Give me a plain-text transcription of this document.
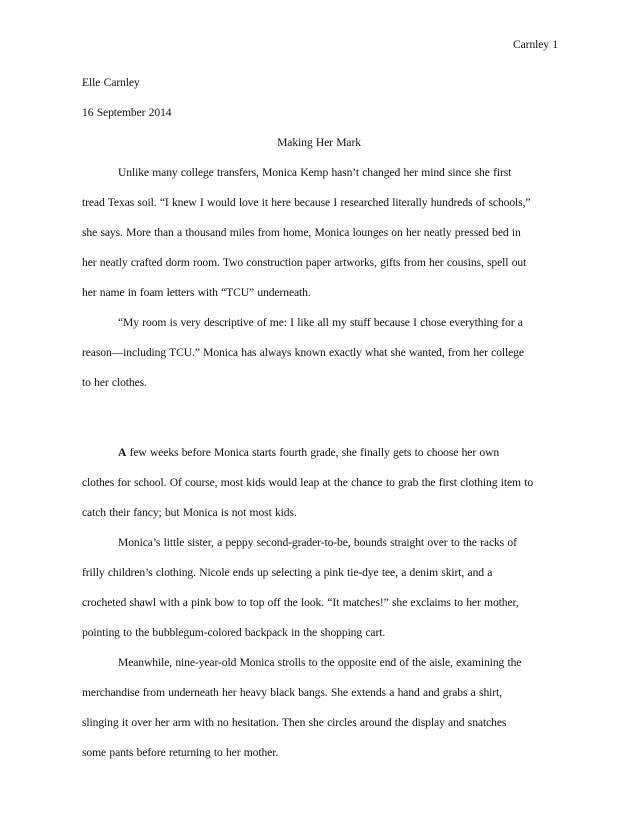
Carnley 1
Elle Carnley
16 September 2014
Making Her Mark
Unlike many college transfers, Monica Kemp hasn’t changed her mind since she first
tread Texas soil. “I knew I would love it here because I researched literally hundreds of schools,”
she says. More than a thousand miles from home, Monica lounges on her neatly pressed bed in
her neatly crafted dorm room. Two construction paper artworks, gifts from her cousins, spell out
her name in foam letters with “TCU” underneath.
“My room is very descriptive of me: I like all my stuff because I chose everything for a
reason—including TCU.” Monica has always known exactly what she wanted, from her college
to her clothes.
A few weeks before Monica starts fourth grade, she finally gets to choose her own
clothes for school. Of course, most kids would leap at the chance to grab the first clothing item to
catch their fancy; but Monica is not most kids.
Monica’s little sister, a peppy second-grader-to-be, bounds straight over to the racks of
frilly children’s clothing. Nicole ends up selecting a pink tie-dye tee, a denim skirt, and a
crocheted shawl with a pink bow to top off the look. “It matches!” she exclaims to her mother,
pointing to the bubblegum-colored backpack in the shopping cart.
Meanwhile, nine-year-old Monica strolls to the opposite end of the aisle, examining the
merchandise from underneath her heavy black bangs. She extends a hand and grabs a shirt,
slinging it over her arm with no hesitation. Then she circles around the display and snatches
some pants before returning to her mother.
